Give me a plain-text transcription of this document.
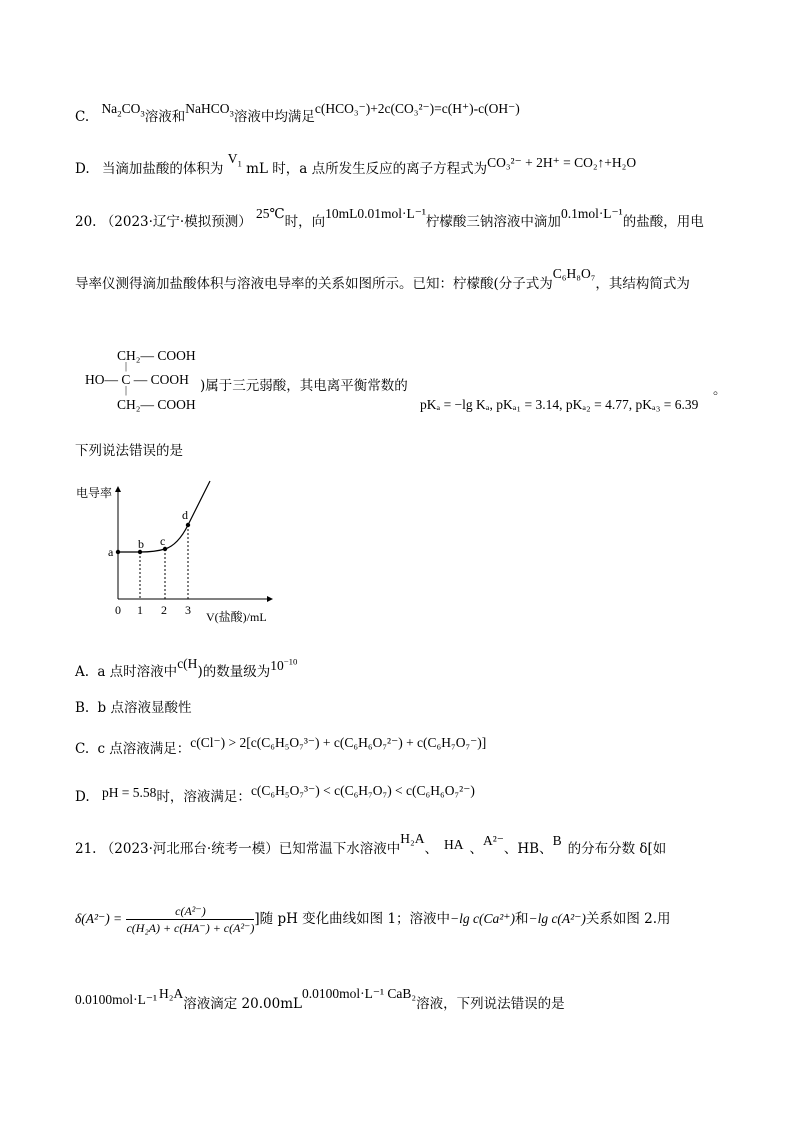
C. $Na_2CO_3$溶液和NaHCO$_3$溶液中均满足c(HCO₃⁻)+2c(CO₃²⁻)=c(H⁺)-c(OH⁻)
D. 当滴加盐酸的体积为 $V_1$ mL 时，a 点所发生反应的离子方程式为CO₃²⁻ + 2H⁺ = CO₂↑+H₂O
20. （2023·辽宁·模拟预测） 25℃时，向10mL0.01mol·L⁻¹柠檬酸三钠溶液中滴加0.1mol·L⁻¹的盐酸，用电
导率仪测得滴加盐酸体积与溶液电导率的关系如图所示。已知：柠檬酸(分子式为C₆H₈O₇，其结构简式为
CH₂— COOH
|
HO— C — COOH
|
CH₂— COOH
)属于三元弱酸，其电离平衡常数的
pKₐ = −lg Kₐ, pKₐ₁ = 3.14, pKₐ₂ = 4.77, pKₐ₃ = 6.39
。
下列说法错误的是
电导率
V(盐酸)/mL
0 1 2 3
a
b c
d
A. a 点时溶液中c(H)的数量级为$10^{-10}$
B. b 点溶液显酸性
C. c 点溶液满足：c(Cl⁻) > 2[c(C₆H₅O₇³⁻) + c(C₆H₆O₇²⁻) + c(C₆H₇O₇⁻)]
D. pH = 5.58时，溶液满足：c(C₆H₅O₇³⁻) < c(C₆H₇O₇) < c(C₆H₆O₇²⁻)
21. （2023·河北邢台·统考一模）已知常温下水溶液中H₂A、 HA 、A²⁻、HB、B的分布分数 δ[如
$\delta(A^{2-}) = \frac{\text{c(A²⁻)}}{\text{c(H₂A) + c(HA⁻) + c(A²⁻)}}$ ]随 pH 变化曲线如图 1；溶液中−lg c(Ca²⁺)和−lg c(A²⁻)关系如图 2.用
0.0100mol·L⁻¹ H₂A溶液滴定 20.00mL0.0100mol·L⁻¹ CaB₂溶液，下列说法错误的是
